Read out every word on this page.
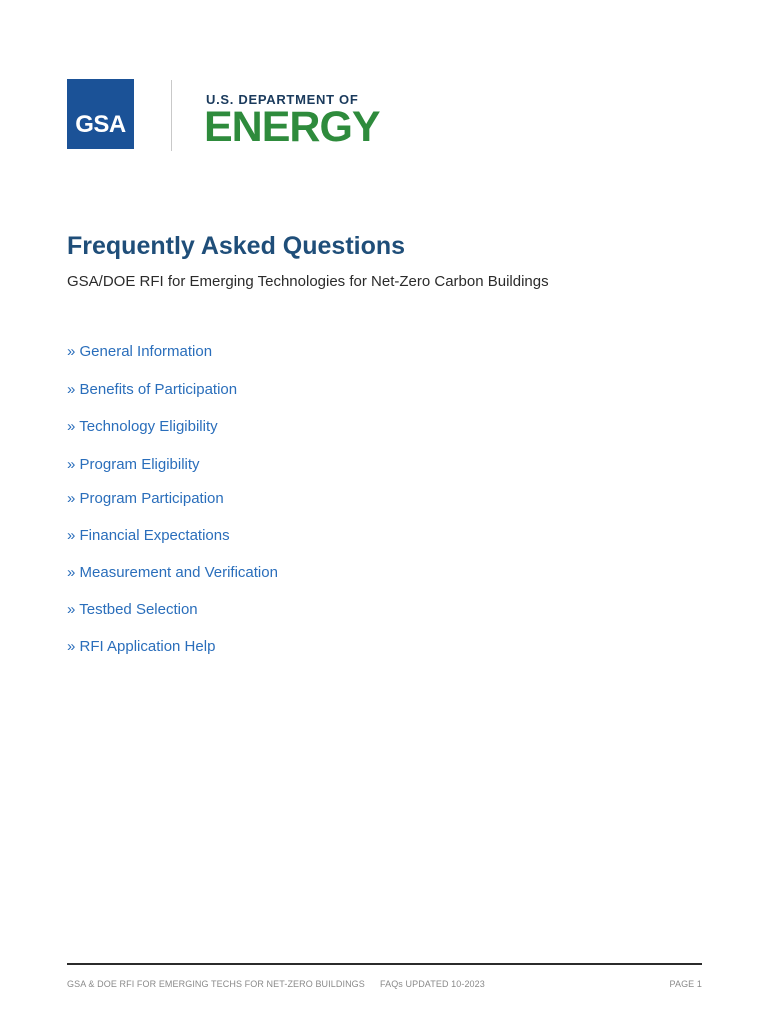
GSA
U.S. DEPARTMENT OF
ENERGY
Frequently Asked Questions
GSA/DOE RFI for Emerging Technologies for Net-Zero Carbon Buildings
» General Information
» Benefits of Participation
» Technology Eligibility
» Program Eligibility
» Program Participation
» Financial Expectations
» Measurement and Verification
» Testbed Selection
» RFI Application Help
GSA & DOE RFI FOR EMERGING TECHS FOR NET-ZERO BUILDINGS FAQs UPDATED 10-2023	PAGE 1
